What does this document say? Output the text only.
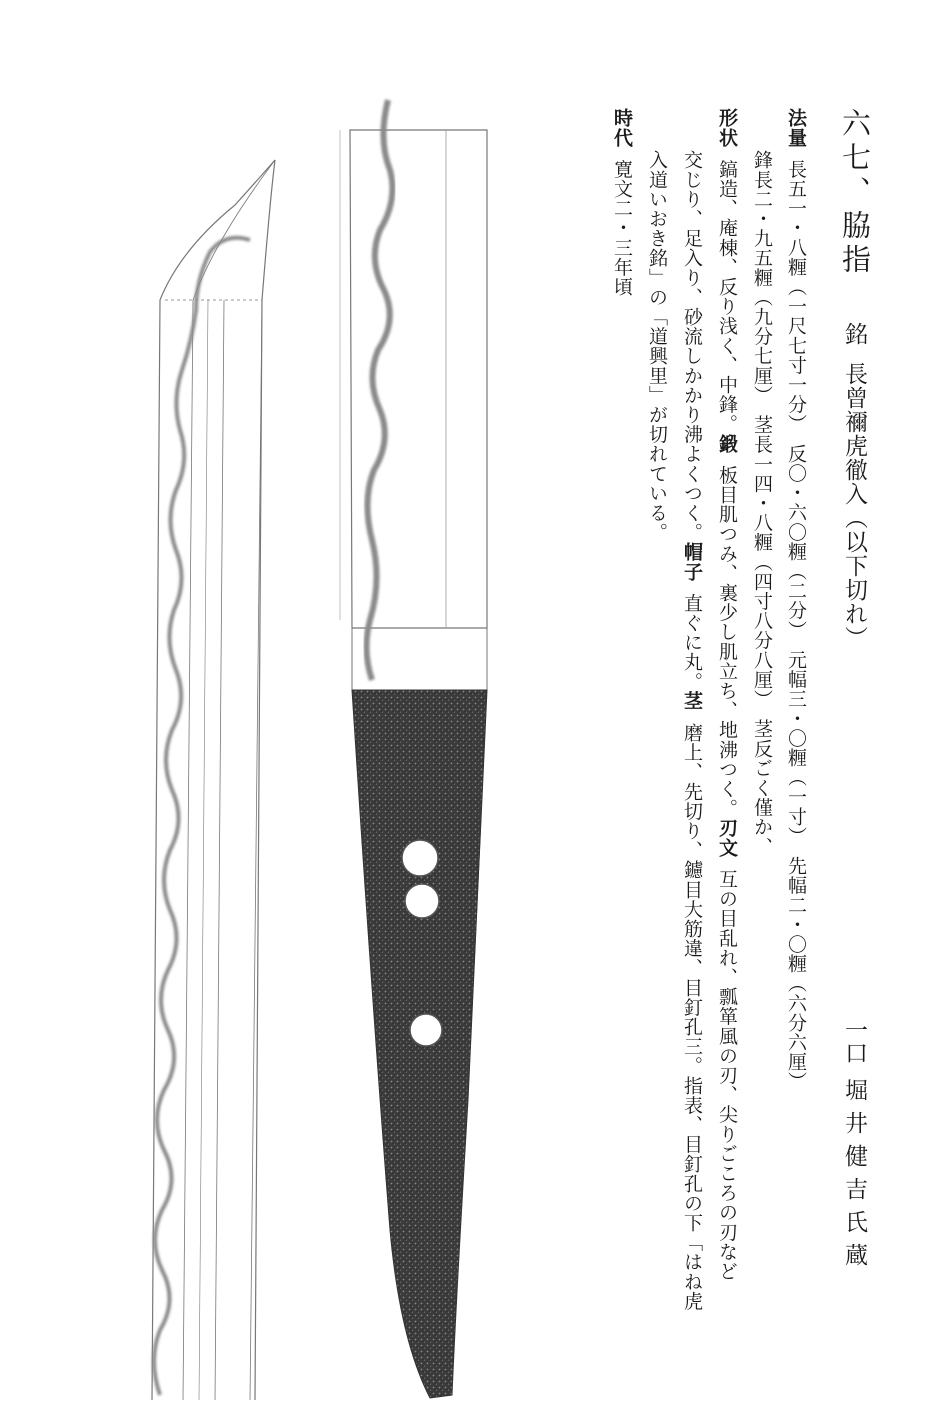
六七、脇指
銘長曾禰虎徹入（以下切れ）
一口
堀井健吉氏蔵
法量長五一・八糎（一尺七寸一分）　反〇・六〇糎（二分）　元幅三・〇糎（一寸）　先幅二・〇糎（六分六厘）
鋒長二・九五糎（九分七厘）　茎長一四・八糎（四寸八分八厘）　茎反ごく僅か、
形状鎬造、庵棟、反り浅く、中鋒。鍛板目肌つみ、裏少し肌立ち、地沸つく。刃文互の目乱れ、瓢箪風の刃、尖りごころの刃など
交じり、足入り、砂流しかかり沸よくつく。帽子直ぐに丸。茎磨上、先切り、鑢目大筋違、目釘孔三。指表、目釘孔の下「はね虎
入道いおき銘」の「道興里」が切れている。
時代寛文二・三年頃
